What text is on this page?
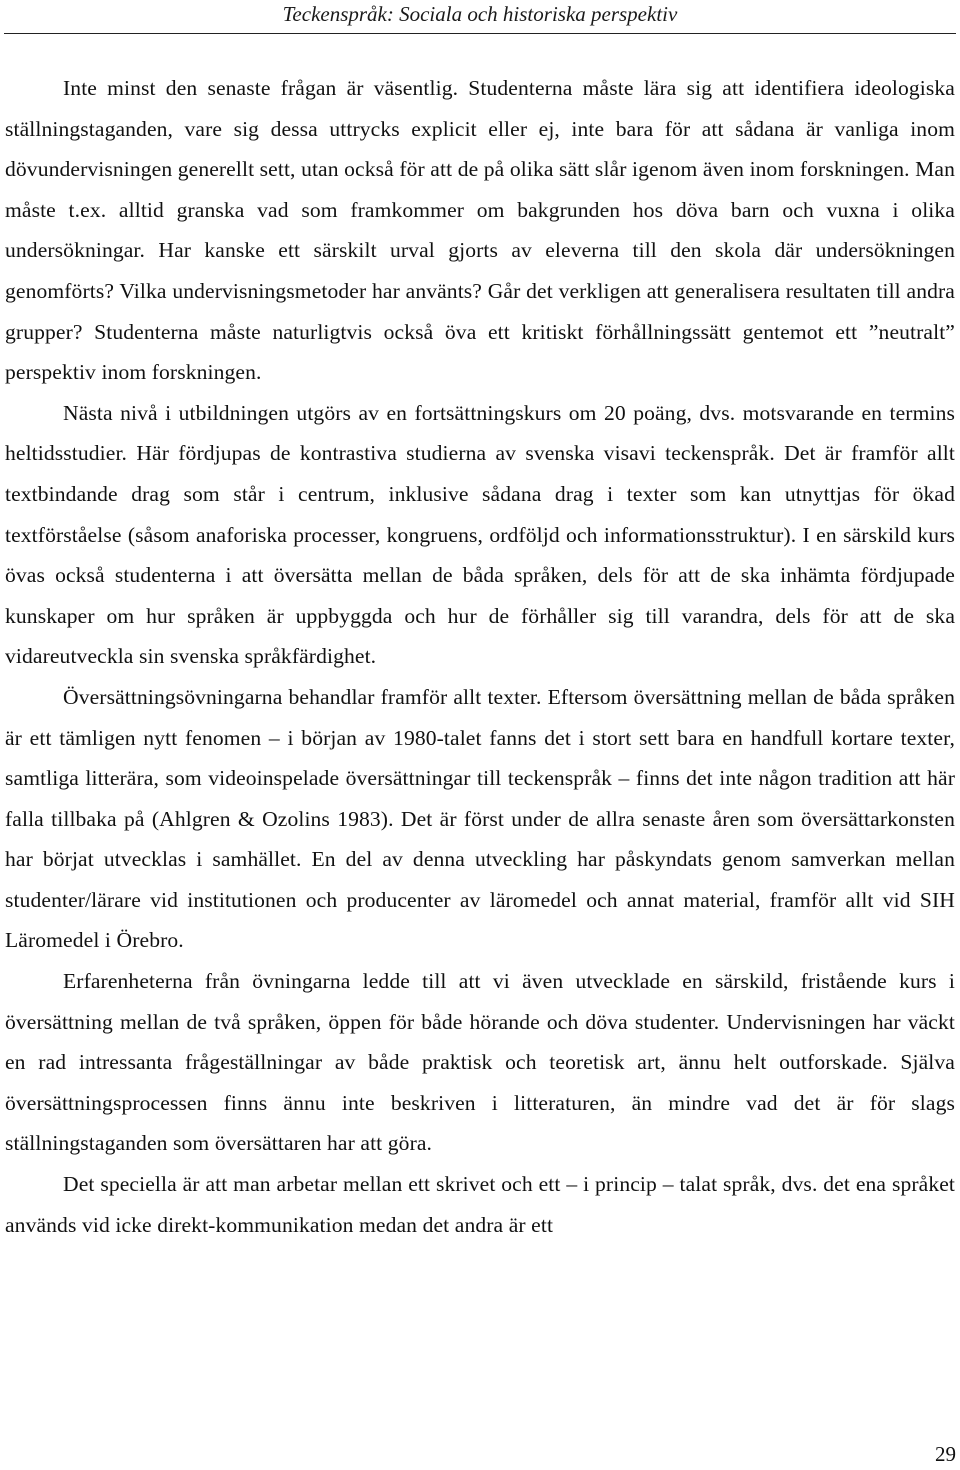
Teckenspråk: Sociala och historiska perspektiv

Inte minst den senaste frågan är väsentlig. Studenterna måste lära sig att identifiera ideologiska ställningstaganden, vare sig dessa uttrycks explicit eller ej, inte bara för att sådana är vanliga inom dövundervisningen generellt sett, utan också för att de på olika sätt slår igenom även inom forskningen. Man måste t.ex. alltid granska vad som framkommer om bakgrunden hos döva barn och vuxna i olika undersökningar. Har kanske ett särskilt urval gjorts av eleverna till den skola där undersökningen genomförts? Vilka undervisningsmetoder har använts? Går det verkligen att generalisera resultaten till andra grupper? Studenterna måste naturligtvis också öva ett kritiskt förhållningssätt gentemot ett ”neutralt” perspektiv inom forskningen.

Nästa nivå i utbildningen utgörs av en fortsättningskurs om 20 poäng, dvs. motsvarande en termins heltidsstudier. Här fördjupas de kontrastiva studierna av svenska visavi teckenspråk. Det är framför allt textbindande drag som står i centrum, inklusive sådana drag i texter som kan utnyttjas för ökad textförståelse (såsom anaforiska processer, kongruens, ordföljd och informationsstruktur). I en särskild kurs övas också studenterna i att översätta mellan de båda språken, dels för att de ska inhämta fördjupade kunskaper om hur språken är uppbyggda och hur de förhåller sig till varandra, dels för att de ska vidareutveckla sin svenska språkfärdighet.

Översättningsövningarna behandlar framför allt texter. Eftersom översättning mellan de båda språken är ett tämligen nytt fenomen – i början av 1980-talet fanns det i stort sett bara en handfull kortare texter, samtliga litterära, som videoinspelade översättningar till teckenspråk – finns det inte någon tradition att här falla tillbaka på (Ahlgren & Ozolins 1983). Det är först under de allra senaste åren som översättarkonsten har börjat utvecklas i samhället. En del av denna utveckling har påskyndats genom samverkan mellan studenter/lärare vid institutionen och producenter av läromedel och annat material, framför allt vid SIH Läromedel i Örebro.

Erfarenheterna från övningarna ledde till att vi även utvecklade en särskild, fristående kurs i översättning mellan de två språken, öppen för både hörande och döva studenter. Undervisningen har väckt en rad intressanta frågeställningar av både praktisk och teoretisk art, ännu helt outforskade. Själva översättningsprocessen finns ännu inte beskriven i litteraturen, än mindre vad det är för slags ställningstaganden som översättaren har att göra.

Det speciella är att man arbetar mellan ett skrivet och ett – i princip – talat språk, dvs. det ena språket används vid icke direkt-kommunikation medan det andra är ett

29
